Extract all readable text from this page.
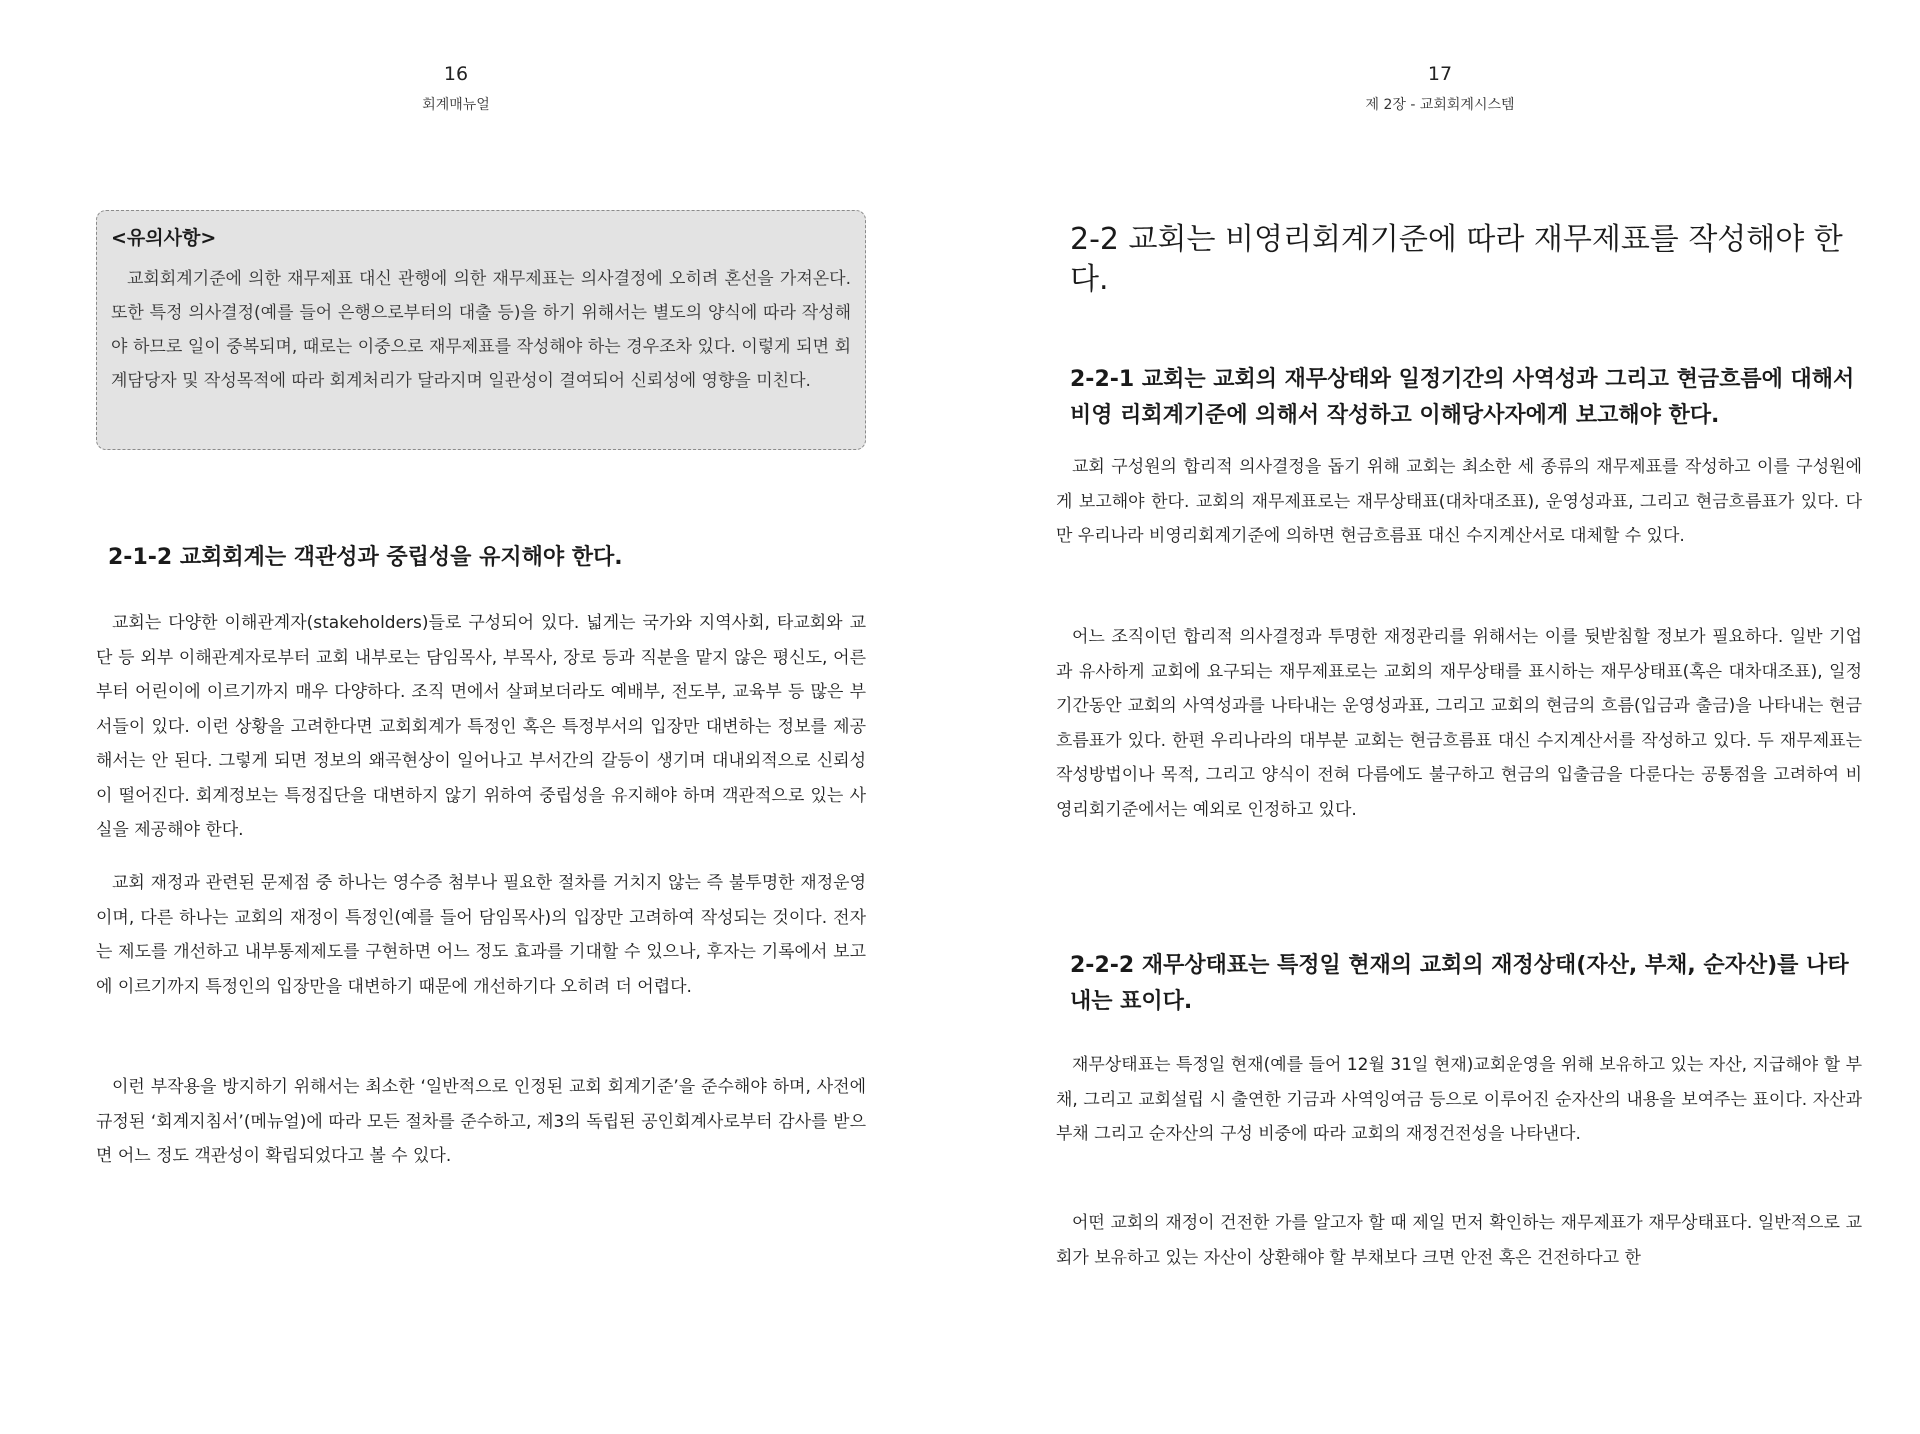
16
회계매뉴얼

<유의사항>

교회회계기준에 의한 재무제표 대신 관행에 의한 재무제표는 의사결정에 오히려 혼선을 가져온다. 또한 특정 의사결정(예를 들어 은행으로부터의 대출 등)을 하기 위해서는 별도의 양식에 따라 작성해야 하므로 일이 중복되며, 때로는 이중으로 재무제표를 작성해야 하는 경우조차 있다. 이렇게 되면 회계담당자 및 작성목적에 따라 회계처리가 달라지며 일관성이 결여되어 신뢰성에 영향을 미친다.

2-1-2 교회회계는 객관성과 중립성을 유지해야 한다.

교회는 다양한 이해관계자(stakeholders)들로 구성되어 있다. 넓게는 국가와 지역사회, 타교회와 교단 등 외부 이해관계자로부터 교회 내부로는 담임목사, 부목사, 장로 등과 직분을 맡지 않은 평신도, 어른부터 어린이에 이르기까지 매우 다양하다. 조직 면에서 살펴보더라도 예배부, 전도부, 교육부 등 많은 부서들이 있다. 이런 상황을 고려한다면 교회회계가 특정인 혹은 특정부서의 입장만 대변하는 정보를 제공해서는 안 된다. 그렇게 되면 정보의 왜곡현상이 일어나고 부서간의 갈등이 생기며 대내외적으로 신뢰성이 떨어진다. 회계정보는 특정집단을 대변하지 않기 위하여 중립성을 유지해야 하며 객관적으로 있는 사실을 제공해야 한다.

교회 재정과 관련된 문제점 중 하나는 영수증 첨부나 필요한 절차를 거치지 않는 즉 불투명한 재정운영이며, 다른 하나는 교회의 재정이 특정인(예를 들어 담임목사)의 입장만 고려하여 작성되는 것이다. 전자는 제도를 개선하고 내부통제제도를 구현하면 어느 정도 효과를 기대할 수 있으나, 후자는 기록에서 보고에 이르기까지 특정인의 입장만을 대변하기 때문에 개선하기다 오히려 더 어렵다.

이런 부작용을 방지하기 위해서는 최소한 ‘일반적으로 인정된 교회 회계기준’을 준수해야 하며, 사전에 규정된 ‘회계지침서’(메뉴얼)에 따라 모든 절차를 준수하고, 제3의 독립된 공인회계사로부터 감사를 받으면 어느 정도 객관성이 확립되었다고 볼 수 있다.

17
제 2장 - 교회회계시스템
2-2 교회는 비영리회계기준에 따라 재무제표를 작성해야 한다.
2-2-1 교회는 교회의 재무상태와 일정기간의 사역성과 그리고 현금흐름에 대해서 비영 리회계기준에 의해서 작성하고 이해당사자에게 보고해야 한다.

교회 구성원의 합리적 의사결정을 돕기 위해 교회는 최소한 세 종류의 재무제표를 작성하고 이를 구성원에게 보고해야 한다. 교회의 재무제표로는 재무상태표(대차대조표), 운영성과표, 그리고 현금흐름표가 있다. 다만 우리나라 비영리회계기준에 의하면 현금흐름표 대신 수지계산서로 대체할 수 있다.

어느 조직이던 합리적 의사결정과 투명한 재정관리를 위해서는 이를 뒷받침할 정보가 필요하다. 일반 기업과 유사하게 교회에 요구되는 재무제표로는 교회의 재무상태를 표시하는 재무상태표(혹은 대차대조표), 일정기간동안 교회의 사역성과를 나타내는 운영성과표, 그리고 교회의 현금의 흐름(입금과 출금)을 나타내는 현금흐름표가 있다. 한편 우리나라의 대부분 교회는 현금흐름표 대신 수지계산서를 작성하고 있다. 두 재무제표는 작성방법이나 목적, 그리고 양식이 전혀 다름에도 불구하고 현금의 입출금을 다룬다는 공통점을 고려하여 비영리회기준에서는 예외로 인정하고 있다.

2-2-2 재무상태표는 특정일 현재의 교회의 재정상태(자산, 부채, 순자산)를 나타내는 표이다.

재무상태표는 특정일 현재(예를 들어 12월 31일 현재)교회운영을 위해 보유하고 있는 자산, 지급해야 할 부채, 그리고 교회설립 시 출연한 기금과 사역잉여금 등으로 이루어진 순자산의 내용을 보여주는 표이다. 자산과 부채 그리고 순자산의 구성 비중에 따라 교회의 재정건전성을 나타낸다.

어떤 교회의 재정이 건전한 가를 알고자 할 때 제일 먼저 확인하는 재무제표가 재무상태표다. 일반적으로 교회가 보유하고 있는 자산이 상환해야 할 부채보다 크면 안전 혹은 건전하다고 한
